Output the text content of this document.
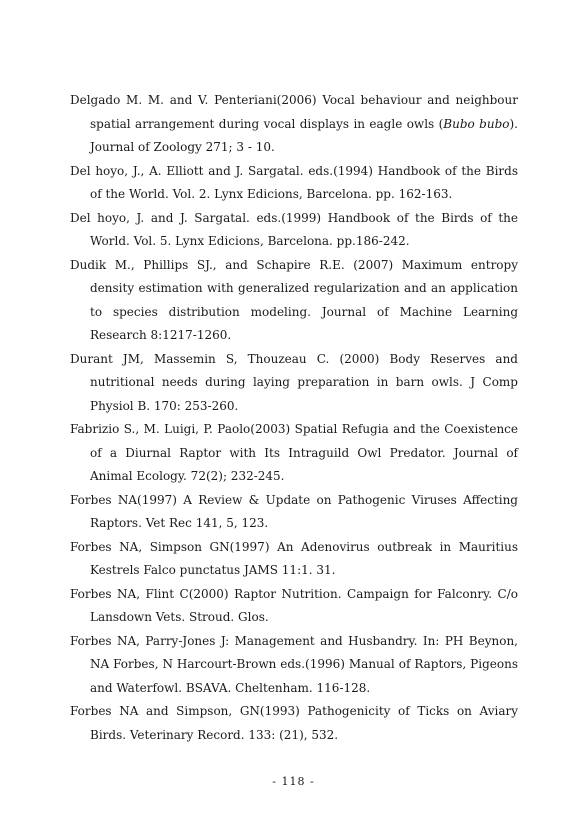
Delgado M. M. and V. Penteriani(2006) Vocal behaviour and neighbour spatial arrangement during vocal displays in eagle owls (Bubo bubo). Journal of Zoology 271; 3 - 10.
Del hoyo, J., A. Elliott and J. Sargatal. eds.(1994) Handbook of the Birds of the World. Vol. 2. Lynx Edicions, Barcelona. pp. 162-163.
Del hoyo, J. and J. Sargatal. eds.(1999) Handbook of the Birds of the World. Vol. 5. Lynx Edicions, Barcelona. pp.186-242.
Dudik M., Phillips SJ., and Schapire R.E. (2007) Maximum entropy density estimation with generalized regularization and an application to species distribution modeling. Journal of Machine Learning Research 8:1217-1260.
Durant JM, Massemin S, Thouzeau C. (2000) Body Reserves and nutritional needs during laying preparation in barn owls. J Comp Physiol B. 170: 253-260.
Fabrizio S., M. Luigi, P. Paolo(2003) Spatial Refugia and the Coexistence of a Diurnal Raptor with Its Intraguild Owl Predator. Journal of Animal Ecology. 72(2); 232-245.
Forbes NA(1997) A Review & Update on Pathogenic Viruses Affecting Raptors. Vet Rec 141, 5, 123.
Forbes NA, Simpson GN(1997) An Adenovirus outbreak in Mauritius Kestrels Falco punctatus JAMS 11:1. 31.
Forbes NA, Flint C(2000) Raptor Nutrition. Campaign for Falconry. C/o Lansdown Vets. Stroud. Glos.
Forbes NA, Parry-Jones J: Management and Husbandry. In: PH Beynon, NA Forbes, N Harcourt-Brown eds.(1996) Manual of Raptors, Pigeons and Waterfowl. BSAVA. Cheltenham. 116-128.
Forbes NA and Simpson, GN(1993) Pathogenicity of Ticks on Aviary Birds. Veterinary Record. 133: (21), 532.
- 118 -
